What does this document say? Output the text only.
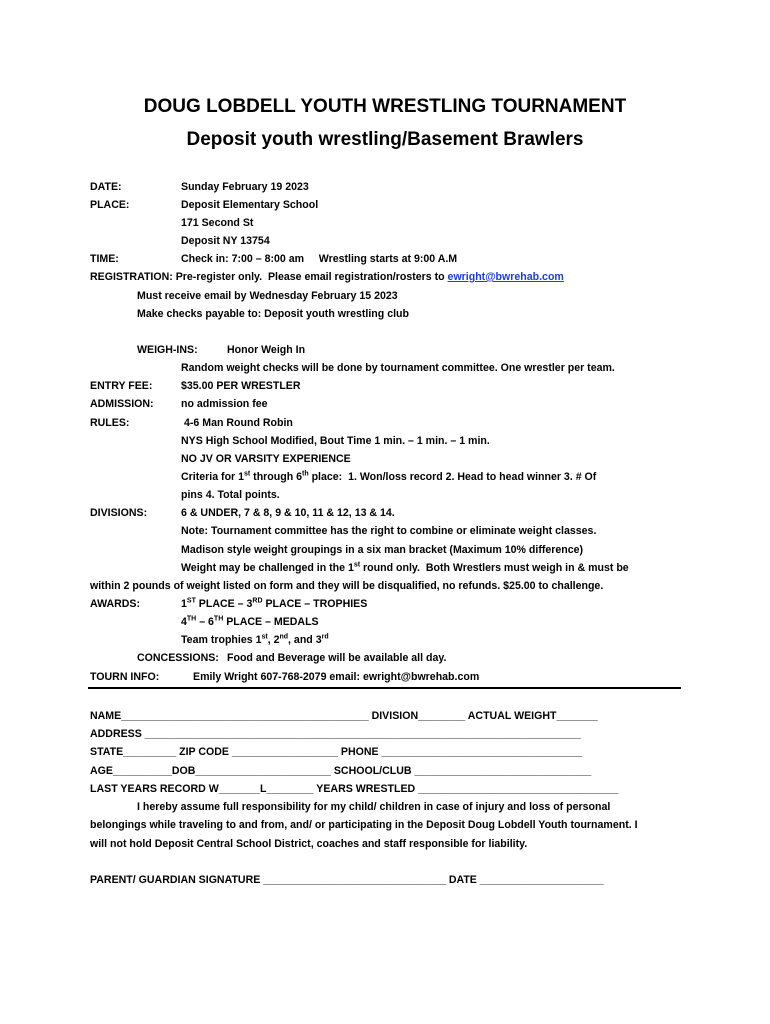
DOUG LOBDELL YOUTH WRESTLING TOURNAMENT
Deposit youth wrestling/Basement Brawlers
DATE:	Sunday February 19 2023
PLACE:	Deposit Elementary School
171 Second St
Deposit NY 13754
TIME:	Check in: 7:00 – 8:00 am     Wrestling starts at 9:00 A.M
REGISTRATION: Pre-register only.  Please email registration/rosters to ewright@bwrehab.com
Must receive email by Wednesday February 15 2023
Make checks payable to: Deposit youth wrestling club
WEIGH-INS:	Honor Weigh In
Random weight checks will be done by tournament committee. One wrestler per team.
ENTRY FEE:	$35.00 PER WRESTLER
ADMISSION:	no admission fee
RULES:	4-6 Man Round Robin
NYS High School Modified, Bout Time 1 min. – 1 min. – 1 min.
NO JV OR VARSITY EXPERIENCE
Criteria for 1st through 6th place:  1. Won/loss record 2. Head to head winner 3. # Of
pins 4. Total points.
DIVISIONS:	6 & UNDER, 7 & 8, 9 & 10, 11 & 12, 13 & 14.
Note: Tournament committee has the right to combine or eliminate weight classes.
Madison style weight groupings in a six man bracket (Maximum 10% difference)
Weight may be challenged in the 1st round only.  Both Wrestlers must weigh in & must be
within 2 pounds of weight listed on form and they will be disqualified, no refunds. $25.00 to challenge.
AWARDS:	1ST PLACE – 3RD PLACE – TROPHIES
4TH – 6TH PLACE – MEDALS
Team trophies 1st, 2nd, and 3rd
CONCESSIONS: Food and Beverage will be available all day.
TOURN INFO:	Emily Wright 607-768-2079 email: ewright@bwrehab.com
NAME__________________________________________ DIVISION________ ACTUAL WEIGHT_______
ADDRESS __________________________________________________________________________
STATE_________ ZIP CODE __________________ PHONE __________________________________
AGE__________DOB_______________________ SCHOOL/CLUB ______________________________
LAST YEARS RECORD W_______L________ YEARS WRESTLED __________________________________
I hereby assume full responsibility for my child/ children in case of injury and loss of personal
belongings while traveling to and from, and/ or participating in the Deposit Doug Lobdell Youth tournament. I
will not hold Deposit Central School District, coaches and staff responsible for liability.
PARENT/ GUARDIAN SIGNATURE _______________________________ DATE _____________________
